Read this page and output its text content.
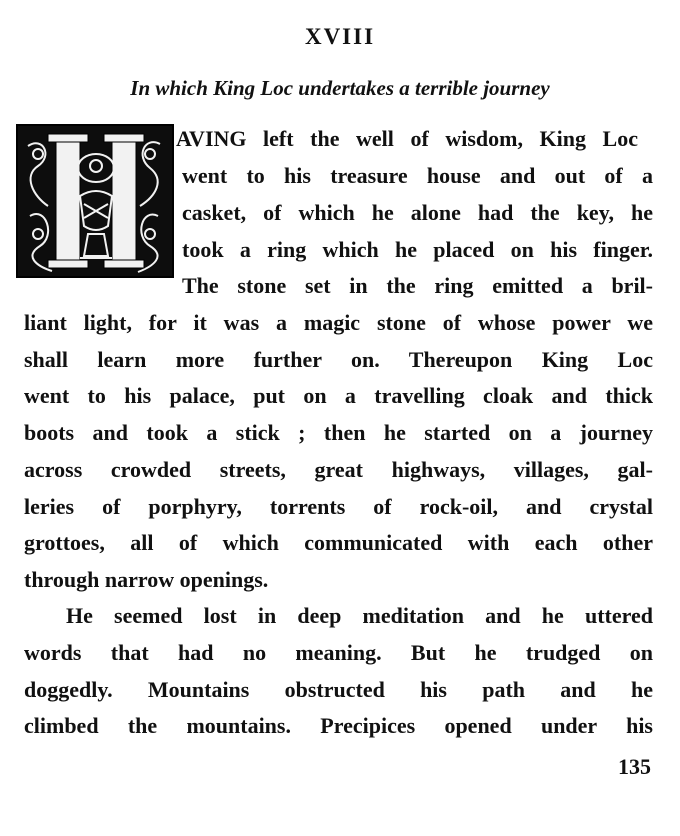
XVIII
In which King Loc undertakes a terrible journey
AVING left the well of wisdom, King Loc
went to his treasure house and out of a
casket, of which he alone had the key, he
took a ring which he placed on his finger.
The stone set in the ring emitted a bril-
liant light, for it was a magic stone of whose power we
shall learn more further on. Thereupon King Loc
went to his palace, put on a travelling cloak and thick
boots and took a stick ; then he started on a journey
across crowded streets, great highways, villages, gal-
leries of porphyry, torrents of rock-oil, and crystal
grottoes, all of which communicated with each other
through narrow openings.
He seemed lost in deep meditation and he uttered
words that had no meaning. But he trudged on
doggedly. Mountains obstructed his path and he
climbed the mountains. Precipices opened under his
135
